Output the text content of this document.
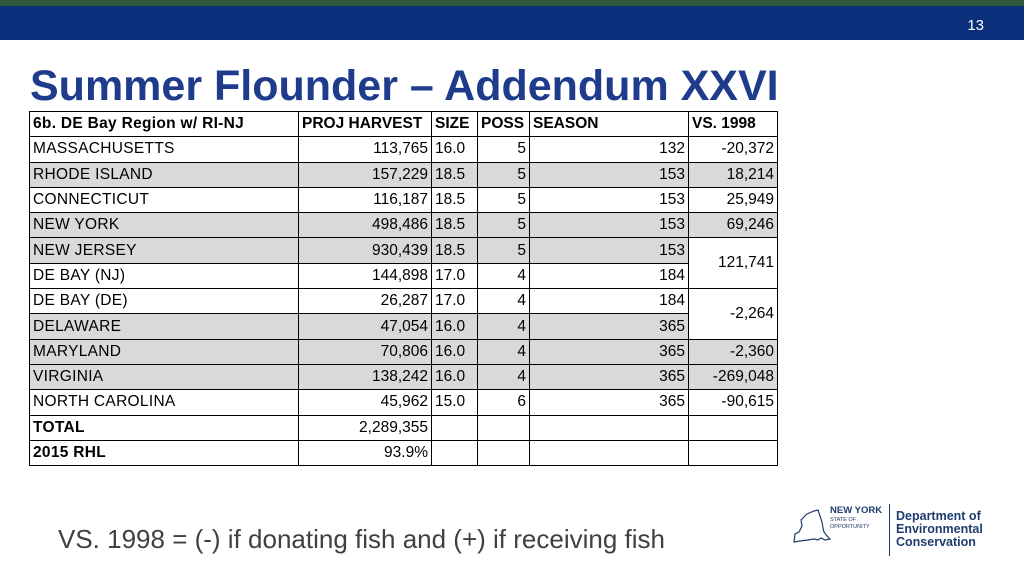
13
Summer Flounder – Addendum XXVI
6b. DE Bay Region w/ RI-NJ	PROJ HARVEST	SIZE	POSS	SEASON	VS. 1998
MASSACHUSETTS	113,765	16.0	5	132	-20,372
RHODE ISLAND	157,229	18.5	5	153	18,214
CONNECTICUT	116,187	18.5	5	153	25,949
NEW YORK	498,486	18.5	5	153	69,246
NEW JERSEY	930,439	18.5	5	153	121,741
DE BAY (NJ)	144,898	17.0	4	184	
DE BAY (DE)	26,287	17.0	4	184	-2,264
DELAWARE	47,054	16.0	4	365	
MARYLAND	70,806	16.0	4	365	-2,360
VIRGINIA	138,242	16.0	4	365	-269,048
NORTH CAROLINA	45,962	15.0	6	365	-90,615
TOTAL	2,289,355				
2015 RHL	93.9%				
VS. 1998 = (-) if donating fish and (+) if receiving fish
NEW YORK
STATE OF
OPPORTUNITY
Department of
Environmental
Conservation
